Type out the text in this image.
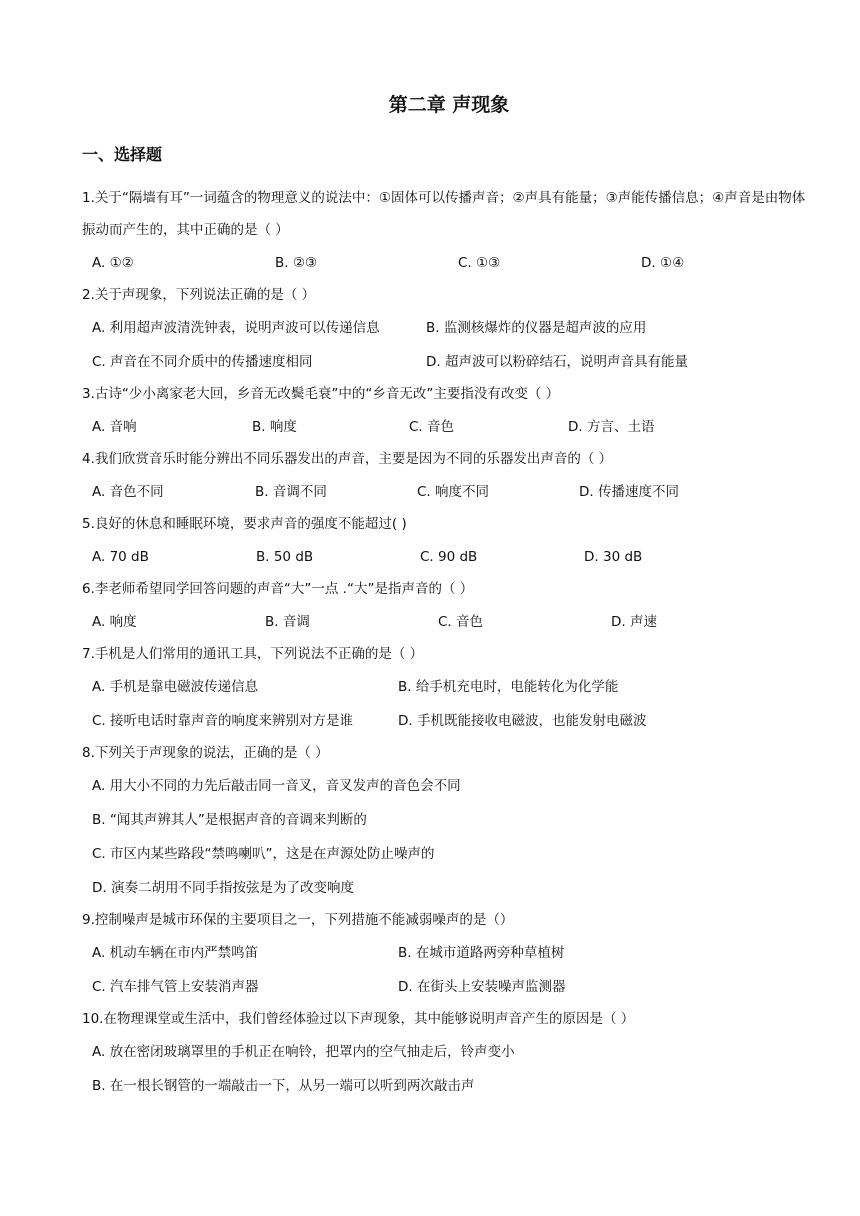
第二章 声现象
一、选择题

1.关于“隔墙有耳”一词蕴含的物理意义的说法中：①固体可以传播声音；②声具有能量；③声能传播信息；④声音是由物体振动而产生的，其中正确的是（ ）

A. ①②	B. ②③	C. ①③	D. ①④

2.关于声现象，下列说法正确的是（ ）

A. 利用超声波清洗钟表，说明声波可以传递信息	B. 监测核爆炸的仪器是超声波的应用
C. 声音在不同介质中的传播速度相同	D. 超声波可以粉碎结石，说明声音具有能量

3.古诗“少小离家老大回，乡音无改鬓毛衰”中的“乡音无改”主要指没有改变（ ）

A. 音响	B. 响度	C. 音色	D. 方言、土语

4.我们欣赏音乐时能分辨出不同乐器发出的声音，主要是因为不同的乐器发出声音的（ ）

A. 音色不同	B. 音调不同	C. 响度不同	D. 传播速度不同

5.良好的休息和睡眠环境，要求声音的强度不能超过( )

A. 70 dB	B. 50 dB	C. 90 dB	D. 30 dB

6.李老师希望同学回答问题的声音“大”一点 .“大”是指声音的（ ）

A. 响度	B. 音调	C. 音色	D. 声速

7.手机是人们常用的通讯工具，下列说法不正确的是（ ）

A. 手机是靠电磁波传递信息	B. 给手机充电时，电能转化为化学能
C. 接听电话时靠声音的响度来辨别对方是谁	D. 手机既能接收电磁波，也能发射电磁波

8.下列关于声现象的说法，正确的是（ ）

A. 用大小不同的力先后敲击同一音叉，音叉发声的音色会不同
B. “闻其声辨其人”是根据声音的音调来判断的
C. 市区内某些路段“禁鸣喇叭”，这是在声源处防止噪声的
D. 演奏二胡用不同手指按弦是为了改变响度

9.控制噪声是城市环保的主要项目之一，下列措施不能减弱噪声的是（）

A. 机动车辆在市内严禁鸣笛	B. 在城市道路两旁种草植树
C. 汽车排气管上安装消声器	D. 在街头上安装噪声监测器

10.在物理课堂或生活中，我们曾经体验过以下声现象，其中能够说明声音产生的原因是（ ）

A. 放在密闭玻璃罩里的手机正在响铃，把罩内的空气抽走后，铃声变小
B. 在一根长钢管的一端敲击一下，从另一端可以听到两次敲击声
